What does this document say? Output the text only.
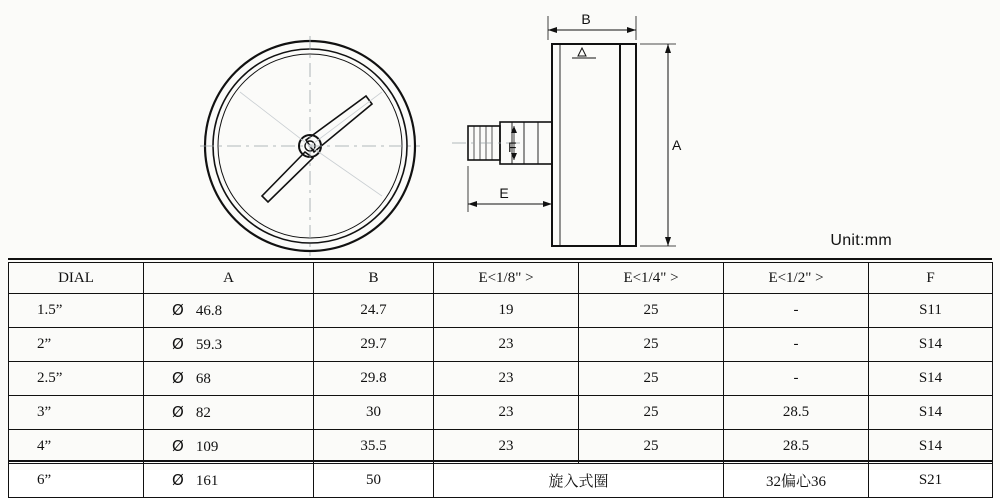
B
A
E
F
Unit:mm
DIAL	A	B	E<1/8" >	E<1/4" >	E<1/2" >	F
1.5”	Ø 46.8	24.7	19	25	-	S11
2”	Ø 59.3	29.7	23	25	-	S14
2.5”	Ø 68	29.8	23	25	-	S14
3”	Ø 82	30	23	25	28.5	S14
4”	Ø 109	35.5	23	25	28.5	S14
6”	Ø 161	50	旋入式圈		32偏心36	S21
